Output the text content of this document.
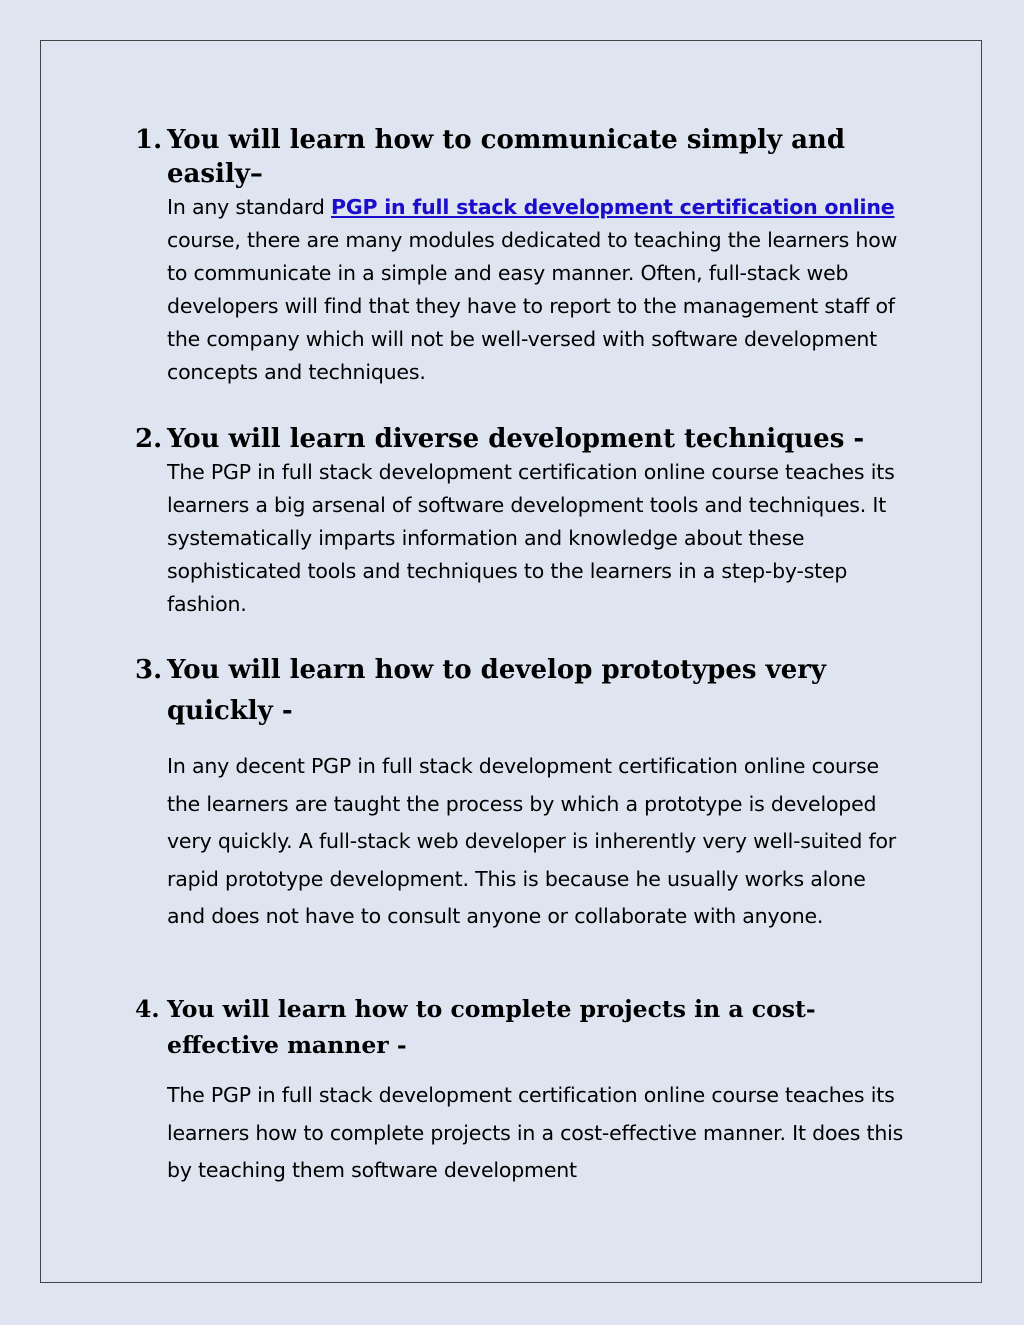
1. You will learn how to communicate simply and easily–
In any standard PGP in full stack development certification online course, there are many modules dedicated to teaching the learners how to communicate in a simple and easy manner. Often, full-stack web developers will find that they have to report to the management staff of the company which will not be well-versed with software development concepts and techniques.
2. You will learn diverse development techniques -
The PGP in full stack development certification online course teaches its learners a big arsenal of software development tools and techniques. It systematically imparts information and knowledge about these sophisticated tools and techniques to the learners in a step-by-step fashion.
3. You will learn how to develop prototypes very quickly -
In any decent PGP in full stack development certification online course the learners are taught the process by which a prototype is developed very quickly. A full-stack web developer is inherently very well-suited for rapid prototype development. This is because he usually works alone and does not have to consult anyone or collaborate with anyone.
4. You will learn how to complete projects in a cost-effective manner -
The PGP in full stack development certification online course teaches its learners how to complete projects in a cost-effective manner. It does this by teaching them software development
